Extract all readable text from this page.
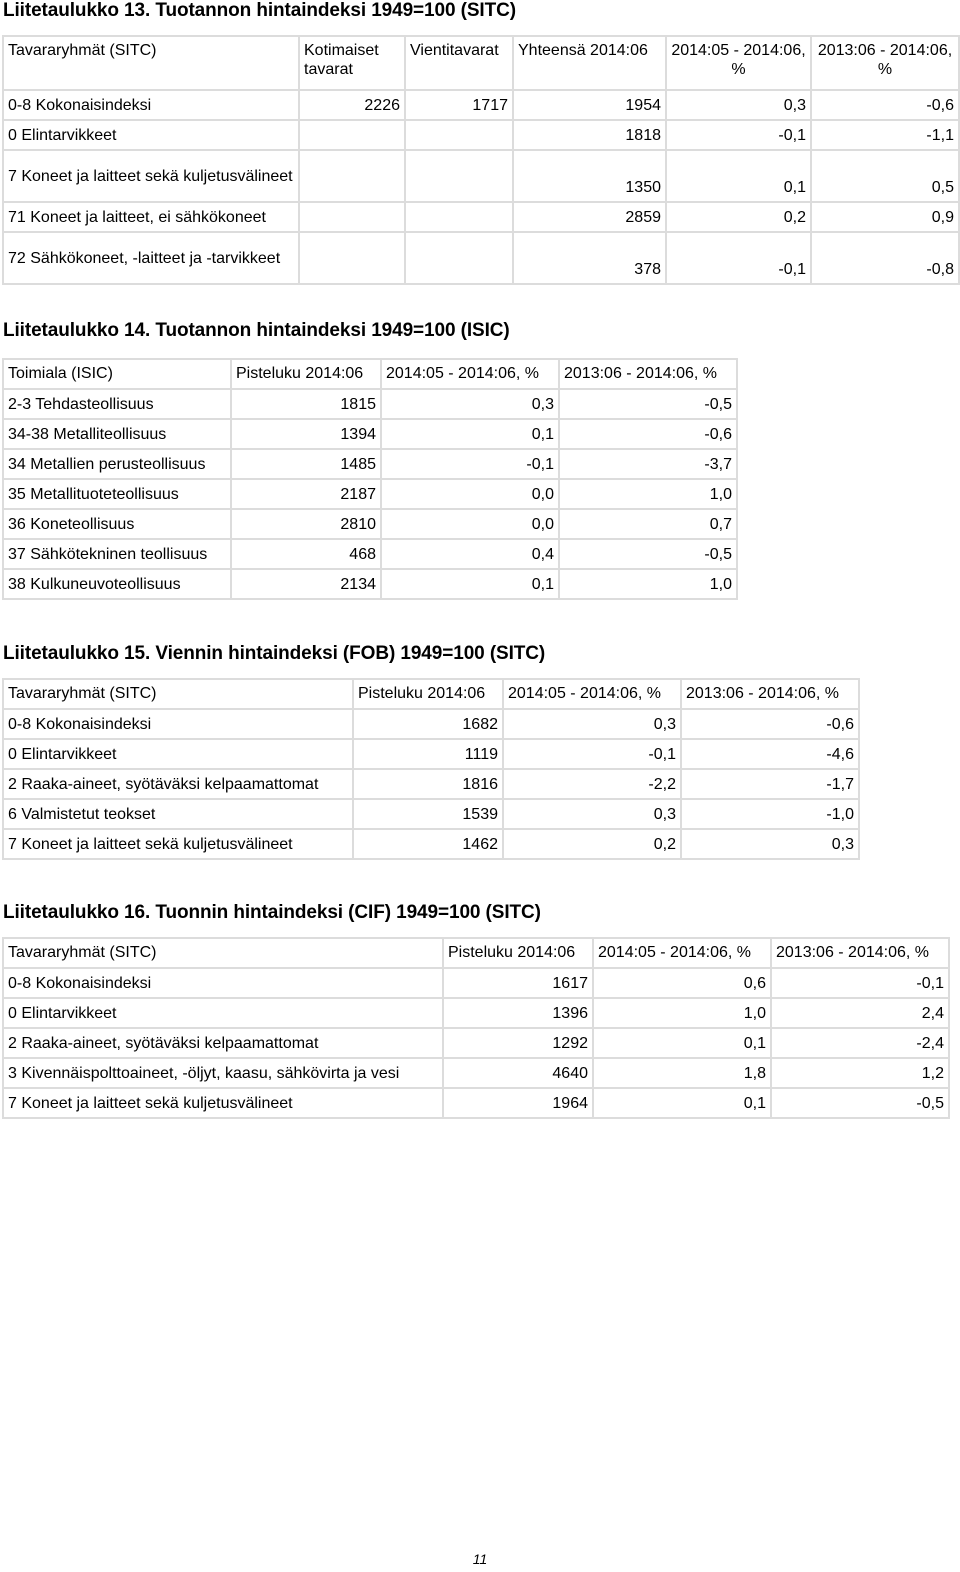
Liitetaulukko 13. Tuotannon hintaindeksi 1949=100 (SITC)
Tavararyhmät (SITC)	Kotimaiset tavarat	Vientitavarat	Yhteensä 2014:06	2014:05 - 2014:06, %	2013:06 - 2014:06, %
0-8 Kokonaisindeksi	2226	1717	1954	0,3	-0,6
0 Elintarvikkeet			1818	-0,1	-1,1
7 Koneet ja laitteet sekä kuljetusvälineet			1350	0,1	0,5
71 Koneet ja laitteet, ei sähkökoneet			2859	0,2	0,9
72 Sähkökoneet, -laitteet ja -tarvikkeet			378	-0,1	-0,8
Liitetaulukko 14. Tuotannon hintaindeksi 1949=100 (ISIC)
Toimiala (ISIC)	Pisteluku 2014:06	2014:05 - 2014:06, %	2013:06 - 2014:06, %
2-3 Tehdasteollisuus	1815	0,3	-0,5
34-38 Metalliteollisuus	1394	0,1	-0,6
34 Metallien perusteollisuus	1485	-0,1	-3,7
35 Metallituoteteollisuus	2187	0,0	1,0
36 Koneteollisuus	2810	0,0	0,7
37 Sähkötekninen teollisuus	468	0,4	-0,5
38 Kulkuneuvoteollisuus	2134	0,1	1,0
Liitetaulukko 15. Viennin hintaindeksi (FOB) 1949=100 (SITC)
Tavararyhmät (SITC)	Pisteluku 2014:06	2014:05 - 2014:06, %	2013:06 - 2014:06, %
0-8 Kokonaisindeksi	1682	0,3	-0,6
0 Elintarvikkeet	1119	-0,1	-4,6
2 Raaka-aineet, syötäväksi kelpaamattomat	1816	-2,2	-1,7
6 Valmistetut teokset	1539	0,3	-1,0
7 Koneet ja laitteet sekä kuljetusvälineet	1462	0,2	0,3
Liitetaulukko 16. Tuonnin hintaindeksi (CIF) 1949=100 (SITC)
Tavararyhmät (SITC)	Pisteluku 2014:06	2014:05 - 2014:06, %	2013:06 - 2014:06, %
0-8 Kokonaisindeksi	1617	0,6	-0,1
0 Elintarvikkeet	1396	1,0	2,4
2 Raaka-aineet, syötäväksi kelpaamattomat	1292	0,1	-2,4
3 Kivennäispolttoaineet, -öljyt, kaasu, sähkövirta ja vesi	4640	1,8	1,2
7 Koneet ja laitteet sekä kuljetusvälineet	1964	0,1	-0,5
11
